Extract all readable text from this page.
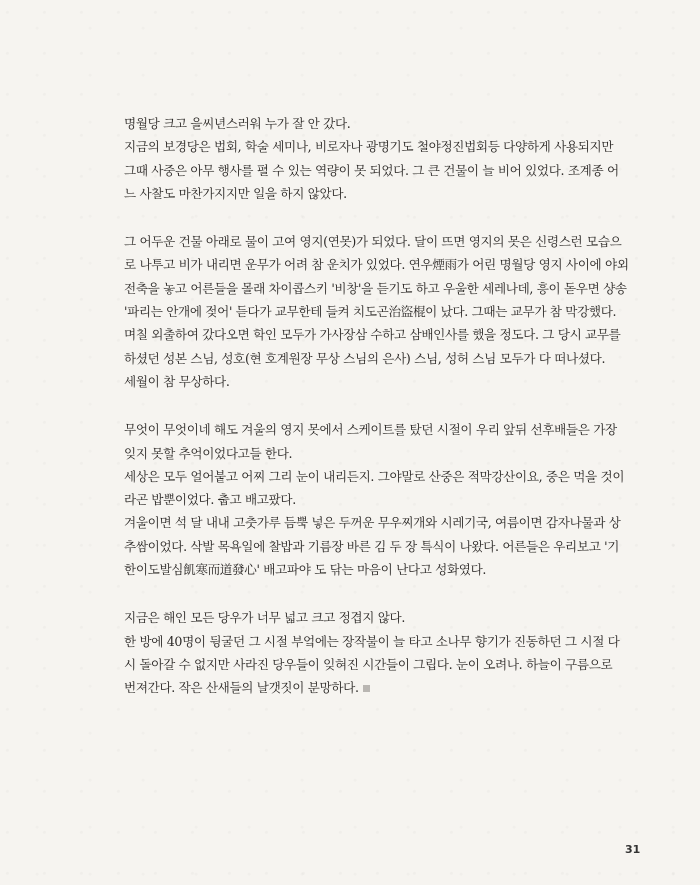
명월당 크고 을씨년스러워 누가 잘 안 갔다.
지금의 보경당은 법회, 학술 세미나, 비로자나 광명기도 철야정진법회등 다양하게 사용되지만
그때 사중은 아무 행사를 펼 수 있는 역량이 못 되었다. 그 큰 건물이 늘 비어 있었다. 조계종 어
느 사찰도 마찬가지지만 일을 하지 않았다.
그 어두운 건물 아래로 물이 고여 영지(연못)가 되었다. 달이 뜨면 영지의 못은 신령스런 모습으
로 나투고 비가 내리면 운무가 어려 참 운치가 있었다. 연우煙雨가 어린 명월당 영지 사이에 야외
전축을 놓고 어른들을 몰래 차이콥스키 '비창'을 듣기도 하고 우울한 세레나데, 흥이 돋우면 샹송
'파리는 안개에 젖어' 듣다가 교무한테 들켜 치도곤治盜棍이 났다. 그때는 교무가 참 막강했다.
며칠 외출하여 갔다오면 학인 모두가 가사장삼 수하고 삼배인사를 했을 정도다. 그 당시 교무를
하셨던 성본 스님, 성호(현 호계원장 무상 스님의 은사) 스님, 성허 스님 모두가 다 떠나셨다.
세월이 참 무상하다.
무엇이 무엇이네 해도 겨울의 영지 못에서 스케이트를 탔던 시절이 우리 앞뒤 선후배들은 가장
잊지 못할 추억이었다고들 한다.
세상은 모두 얼어붙고 어찌 그리 눈이 내리든지. 그야말로 산중은 적막강산이요, 중은 먹을 것이
라곤 밥뿐이었다. 춥고 배고팠다.
겨울이면 석 달 내내 고춧가루 듬뿍 넣은 두꺼운 무우찌개와 시레기국, 여름이면 감자나물과 상
추쌈이었다. 삭발 목욕일에 찰밥과 기름장 바른 김 두 장 특식이 나왔다. 어른들은 우리보고 '기
한이도발심飢寒而道發心' 배고파야 도 닦는 마음이 난다고 성화였다.
지금은 해인 모든 당우가 너무 넓고 크고 정겹지 않다.
한 방에 40명이 뒹굴던 그 시절 부엌에는 장작불이 늘 타고 소나무 향기가 진동하던 그 시절 다
시 돌아갈 수 없지만 사라진 당우들이 잊혀진 시간들이 그립다. 눈이 오려나. 하늘이 구름으로
번져간다. 작은 산새들의 날갯짓이 분망하다.
31
